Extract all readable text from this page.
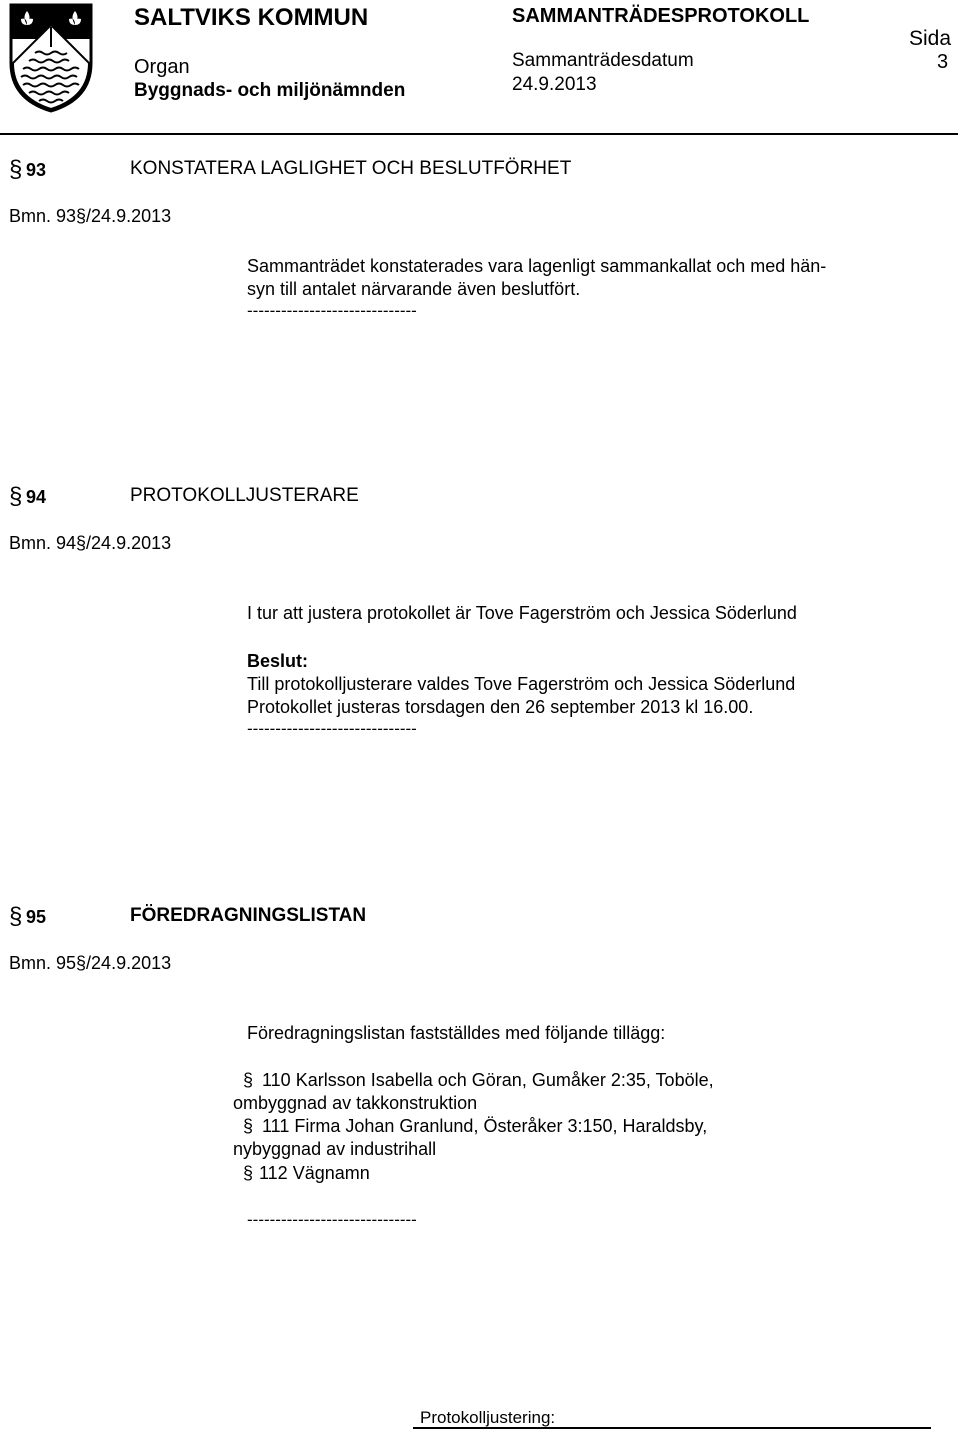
SALTVIKS KOMMUN	SAMMANTRÄDESPROTOKOLL
Sida
3
Organ
Byggnads- och miljönämnden
Sammanträdesdatum
24.9.2013
§ 93	KONSTATERA LAGLIGHET OCH BESLUTFÖRHET
Bmn. 93§/24.9.2013
Sammanträdet konstaterades vara lagenligt sammankallat och med hän-
syn till antalet närvarande även beslutfört.
------------------------------
§ 94	PROTOKOLLJUSTERARE
Bmn. 94§/24.9.2013
I tur att justera protokollet är Tove Fagerström och Jessica Söderlund
Beslut:
Till protokolljusterare valdes Tove Fagerström och Jessica Söderlund
Protokollet justeras torsdagen den 26 september 2013 kl 16.00.
------------------------------
§ 95	FÖREDRAGNINGSLISTAN
Bmn. 95§/24.9.2013
Föredragningslistan fastställdes med följande tillägg:
§ 110 Karlsson Isabella och Göran, Gumåker 2:35, Toböle,
ombyggnad av takkonstruktion
§ 111 Firma Johan Granlund, Österåker 3:150, Haraldsby,
nybyggnad av industrihall
§ 112 Vägnamn
------------------------------
Protokolljustering:
